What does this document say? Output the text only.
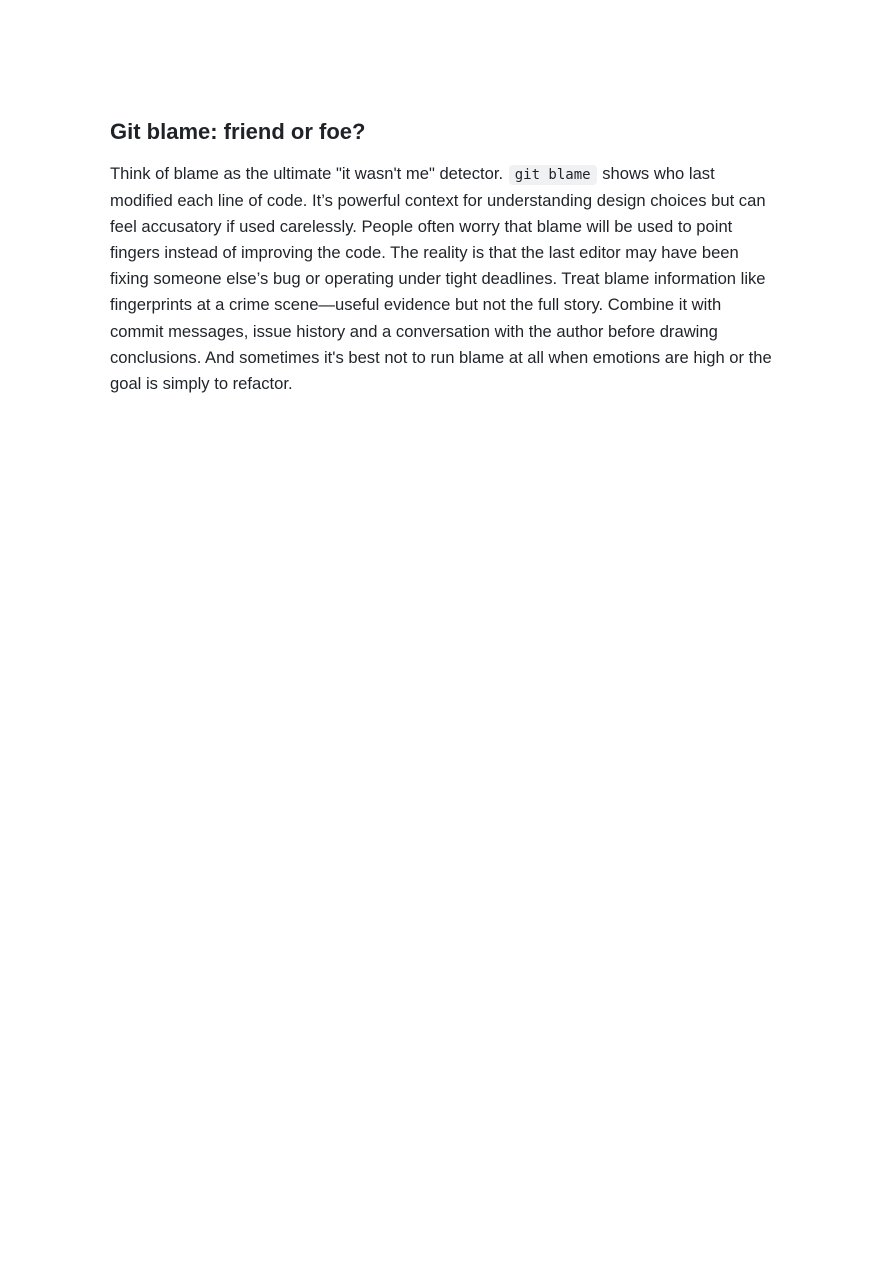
Git blame: friend or foe?

Think of blame as the ultimate "it wasn't me" detector. git blame shows who last modified each line of code. It’s powerful context for understanding design choices but can feel accusatory if used carelessly. People often worry that blame will be used to point fingers instead of improving the code. The reality is that the last editor may have been fixing someone else’s bug or operating under tight deadlines. Treat blame information like fingerprints at a crime scene—useful evidence but not the full story. Combine it with commit messages, issue history and a conversation with the author before drawing conclusions. And sometimes it's best not to run blame at all when emotions are high or the goal is simply to refactor.
